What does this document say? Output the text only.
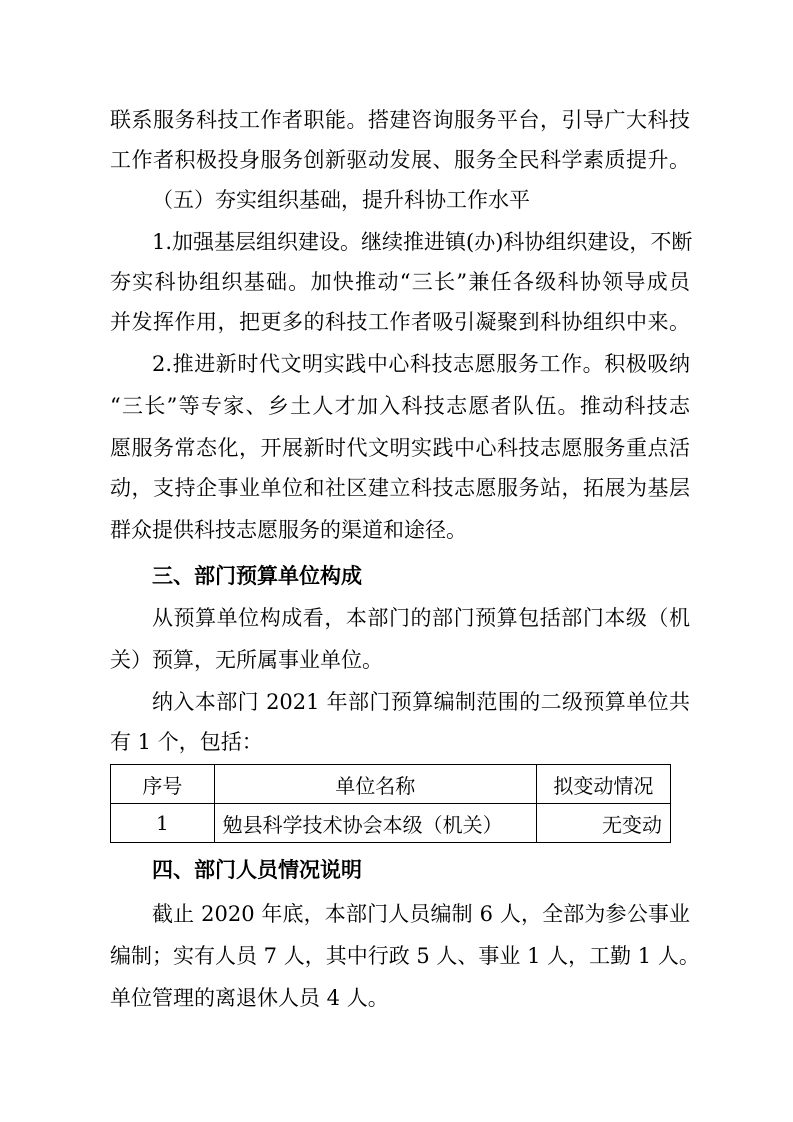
联系服务科技工作者职能。搭建咨询服务平台，引导广大科技
工作者积极投身服务创新驱动发展、服务全民科学素质提升。
（五）夯实组织基础，提升科协工作水平
1.加强基层组织建设。继续推进镇(办)科协组织建设，不断
夯实科协组织基础。加快推动“三长”兼任各级科协领导成员
并发挥作用，把更多的科技工作者吸引凝聚到科协组织中来。
2.推进新时代文明实践中心科技志愿服务工作。积极吸纳
“三长”等专家、乡土人才加入科技志愿者队伍。推动科技志
愿服务常态化，开展新时代文明实践中心科技志愿服务重点活
动，支持企事业单位和社区建立科技志愿服务站，拓展为基层
群众提供科技志愿服务的渠道和途径。
三、部门预算单位构成
从预算单位构成看，本部门的部门预算包括部门本级（机
关）预算，无所属事业单位。
纳入本部门 2021 年部门预算编制范围的二级预算单位共
有 1 个，包括：
序号	单位名称	拟变动情况
1	勉县科学技术协会本级（机关）	无变动
四、部门人员情况说明
截止 2020 年底，本部门人员编制 6 人，全部为参公事业
编制；实有人员 7 人，其中行政 5 人、事业 1 人，工勤 1 人。
单位管理的离退休人员 4 人。
